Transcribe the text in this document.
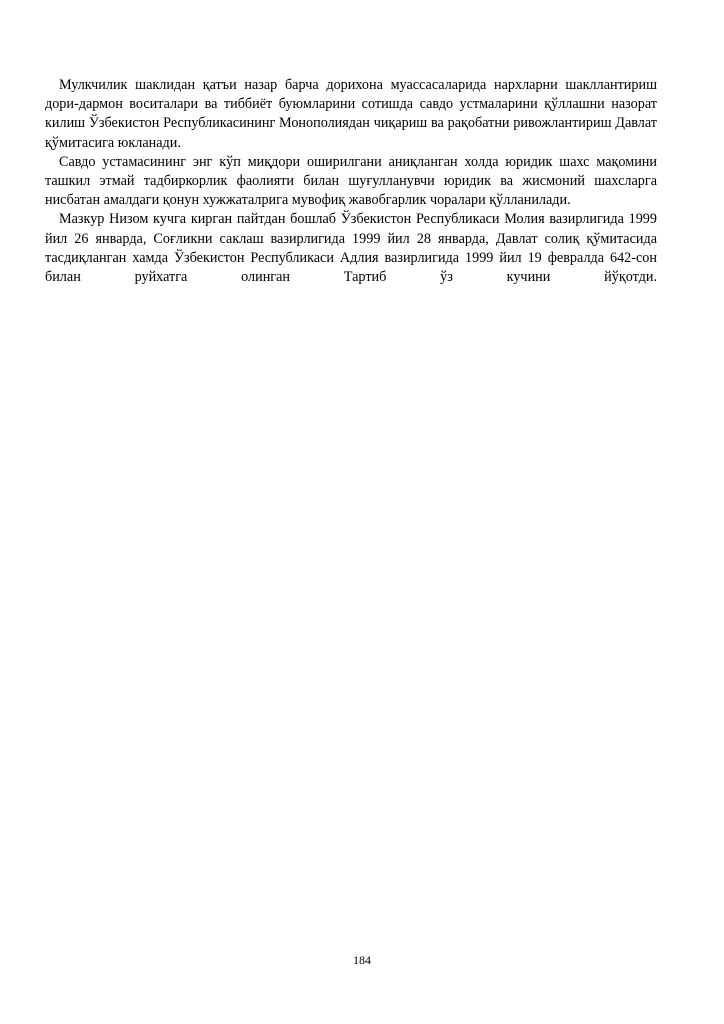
Мулкчилик шаклидан қатъи назар барча дорихона муассасаларида нархларни шакллантириш дори-дармон воситалари ва тиббиёт буюмларини сотишда савдо устмаларини қўллашни назорат килиш Ўзбекистон Республикасининг Монополиядан чиқариш ва рақобатни ривожлантириш Давлат қўмитасига юкланади.

Савдо устамасининг энг кўп миқдори оширилгани аниқланган холда юридик шахс мақомини ташкил этмай тадбиркорлик фаолияти билан шуғулланувчи юридик ва жисмоний шахсларга нисбатан амалдаги қонун хужжаталрига мувофиқ жавобгарлик чоралари қўлланилади.

Мазкур Низом кучга кирган пайтдан бошлаб Ўзбекистон Республикаси Молия вазирлигида 1999 йил 26 январда, Соғликни саклаш вазирлигида 1999 йил 28 январда, Давлат солиқ қўмитасида тасдиқланган хамда Ўзбекистон Республикаси Адлия вазирлигида 1999 йил 19 февралда 642-сон билан руйхатга олинган Тартиб ўз кучини йўқотди.

184
